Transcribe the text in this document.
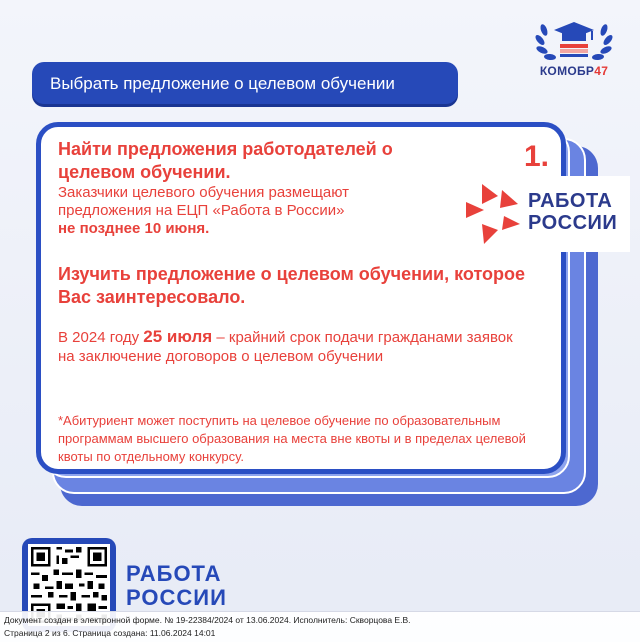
КОМОБР47
Выбрать предложение о целевом обучении
1.

Найти предложения работодателей о целевом обучении.

Заказчики целевого обучения размещают предложения на ЕЦП «Работа в России»
не позднее 10 июня.

Изучить предложение о целевом обучении, которое Вас заинтересовало.

В 2024 году 25 июля – крайний срок подачи гражданами заявок на заключение договоров о целевом обучении

*Абитуриент может поступить на целевое обучение по образовательным программам высшего образования на места вне квоты и в пределах целевой квоты по отдельному конкурсу.

РАБОТА
РОССИИ
РАБОТА
РОССИИ

Документ создан в электронной форме. № 19-22384/2024 от 13.06.2024. Исполнитель: Скворцова Е.В.

Страница 2 из 6. Страница создана: 11.06.2024 14:01
